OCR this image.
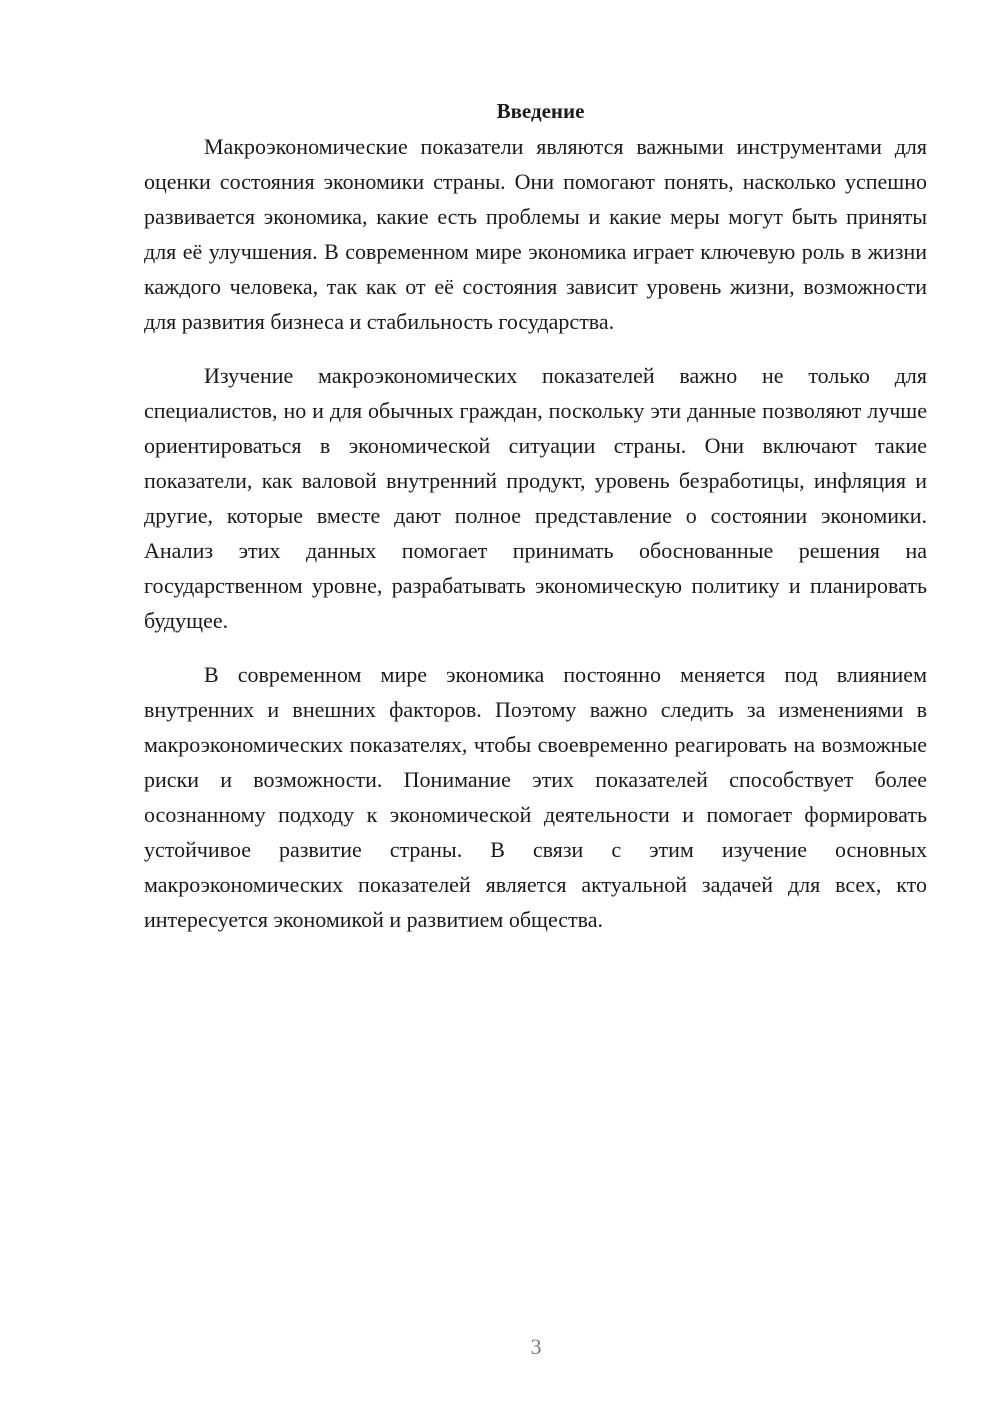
Введение

Макроэкономические показатели являются важными инструментами для оценки состояния экономики страны. Они помогают понять, насколько успешно развивается экономика, какие есть проблемы и какие меры могут быть приняты для её улучшения. В современном мире экономика играет ключевую роль в жизни каждого человека, так как от её состояния зависит уровень жизни, возможности для развития бизнеса и стабильность государства.

Изучение макроэкономических показателей важно не только для специалистов, но и для обычных граждан, поскольку эти данные позволяют лучше ориентироваться в экономической ситуации страны. Они включают такие показатели, как валовой внутренний продукт, уровень безработицы, инфляция и другие, которые вместе дают полное представление о состоянии экономики. Анализ этих данных помогает принимать обоснованные решения на государственном уровне, разрабатывать экономическую политику и планировать будущее.

В современном мире экономика постоянно меняется под влиянием внутренних и внешних факторов. Поэтому важно следить за изменениями в макроэкономических показателях, чтобы своевременно реагировать на возможные риски и возможности. Понимание этих показателей способствует более осознанному подходу к экономической деятельности и помогает формировать устойчивое развитие страны. В связи с этим изучение основных макроэкономических показателей является актуальной задачей для всех, кто интересуется экономикой и развитием общества.

3
